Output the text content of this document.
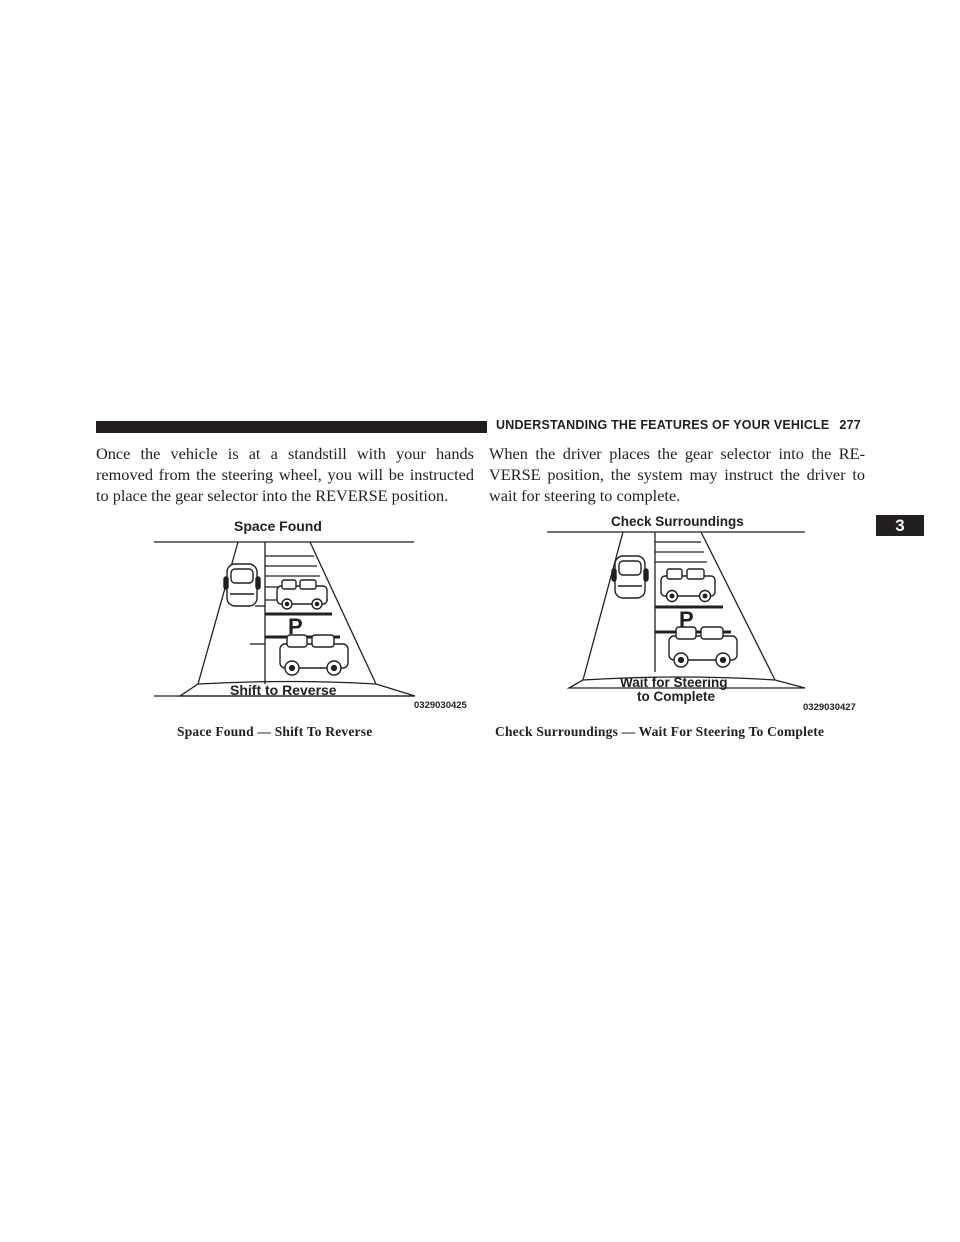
UNDERSTANDING THE FEATURES OF YOUR VEHICLE 277
3
Once the vehicle is at a standstill with your hands
removed from the steering wheel, you will be instructed
to place the gear selector into the REVERSE position.
When the driver places the gear selector into the RE-
VERSE position, the system may instruct the driver to
wait for steering to complete.
Space Found
P
Shift to Reverse
0329030425
Check Surroundings
P
Wait for Steering
to Complete
0329030427
Space Found — Shift To Reverse	Check Surroundings — Wait For Steering To Complete
